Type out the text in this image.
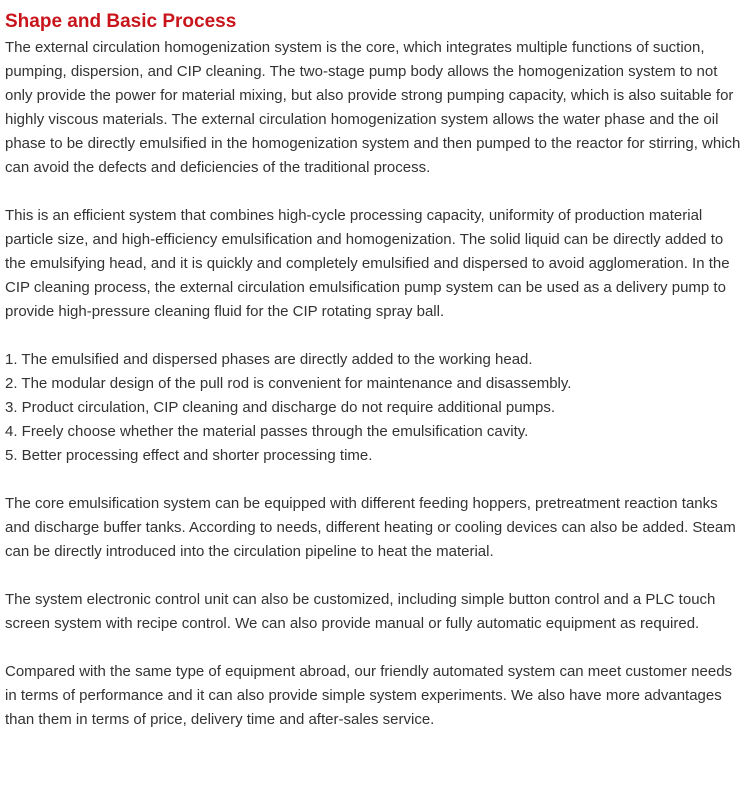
Shape and Basic Process

The external circulation homogenization system is the core, which integrates multiple functions of suction, pumping, dispersion, and CIP cleaning. The two-stage pump body allows the homogenization system to not only provide the power for material mixing, but also provide strong pumping capacity, which is also suitable for highly viscous materials. The external circulation homogenization system allows the water phase and the oil phase to be directly emulsified in the homogenization system and then pumped to the reactor for stirring, which can avoid the defects and deficiencies of the traditional process.

This is an efficient system that combines high-cycle processing capacity, uniformity of production material particle size, and high-efficiency emulsification and homogenization. The solid liquid can be directly added to the emulsifying head, and it is quickly and completely emulsified and dispersed to avoid agglomeration. In the CIP cleaning process, the external circulation emulsification pump system can be used as a delivery pump to provide high-pressure cleaning fluid for the CIP rotating spray ball.

1. The emulsified and dispersed phases are directly added to the working head.
2. The modular design of the pull rod is convenient for maintenance and disassembly.
3. Product circulation, CIP cleaning and discharge do not require additional pumps.
4. Freely choose whether the material passes through the emulsification cavity.
5. Better processing effect and shorter processing time.

The core emulsification system can be equipped with different feeding hoppers, pretreatment reaction tanks and discharge buffer tanks. According to needs, different heating or cooling devices can also be added. Steam can be directly introduced into the circulation pipeline to heat the material.

The system electronic control unit can also be customized, including simple button control and a PLC touch screen system with recipe control. We can also provide manual or fully automatic equipment as required.

Compared with the same type of equipment abroad, our friendly automated system can meet customer needs in terms of performance and it can also provide simple system experiments. We also have more advantages than them in terms of price, delivery time and after-sales service.
